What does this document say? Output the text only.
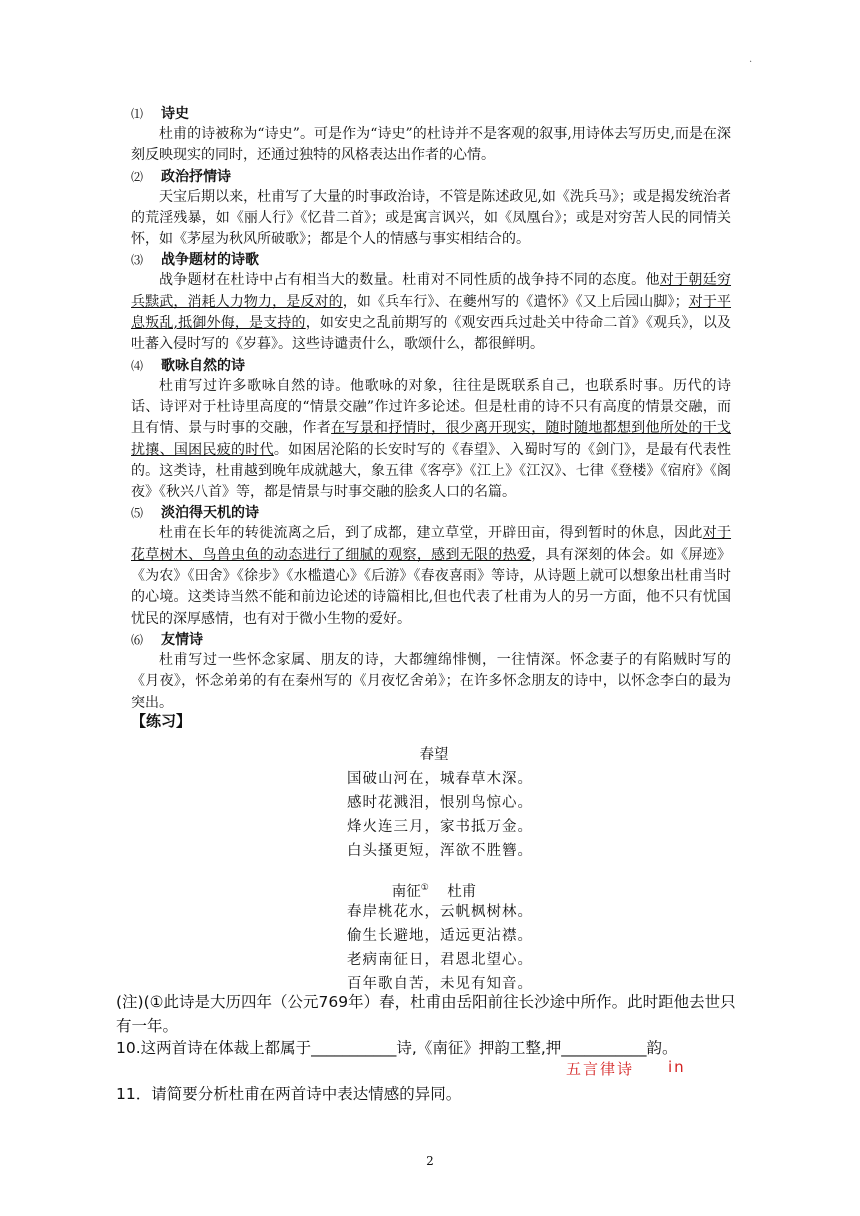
.
⑴	诗史
杜甫的诗被称为“诗史”。可是作为“诗史”的杜诗并不是客观的叙事,用诗体去写历史,而是在深刻反映现实的同时，还通过独特的风格表达出作者的心情。
⑵	政治抒情诗
天宝后期以来，杜甫写了大量的时事政治诗，不管是陈述政见,如《洗兵马》；或是揭发统治者的荒淫残暴，如《丽人行》《忆昔二首》；或是寓言讽兴，如《凤凰台》；或是对穷苦人民的同情关怀，如《茅屋为秋风所破歌》；都是个人的情感与事实相结合的。
⑶	战争题材的诗歌
战争题材在杜诗中占有相当大的数量。杜甫对不同性质的战争持不同的态度。他对于朝廷穷兵黩武，消耗人力物力，是反对的，如《兵车行》、在夔州写的《遣怀》《又上后园山脚》；对于平息叛乱,抵御外侮，是支持的，如安史之乱前期写的《观安西兵过赴关中待命二首》《观兵》，以及吐蕃入侵时写的《岁暮》。这些诗谴责什么，歌颂什么，都很鲜明。
⑷	歌咏自然的诗
杜甫写过许多歌咏自然的诗。他歌咏的对象，往往是既联系自己，也联系时事。历代的诗话、诗评对于杜诗里高度的“情景交融”作过许多论述。但是杜甫的诗不只有高度的情景交融，而且有情、景与时事的交融，作者在写景和抒情时，很少离开现实，随时随地都想到他所处的干戈扰攘、国困民疲的时代。如困居沦陷的长安时写的《春望》、入蜀时写的《剑门》，是最有代表性的。这类诗，杜甫越到晚年成就越大，象五律《客亭》《江上》《江汉》、七律《登楼》《宿府》《阁夜》《秋兴八首》等，都是情景与时事交融的脍炙人口的名篇。
⑸	淡泊得天机的诗
杜甫在长年的转徙流离之后，到了成都，建立草堂，开辟田亩，得到暂时的休息，因此对于花草树木、鸟兽虫鱼的动态进行了细腻的观察，感到无限的热爱，具有深刻的体会。如《屏迹》《为农》《田舍》《徐步》《水槛遣心》《后游》《春夜喜雨》等诗，从诗题上就可以想象出杜甫当时的心境。这类诗当然不能和前边论述的诗篇相比,但也代表了杜甫为人的另一方面，他不只有忧国忧民的深厚感情，也有对于微小生物的爱好。
⑹	友情诗
杜甫写过一些怀念家属、朋友的诗，大都缠绵悱恻，一往情深。怀念妻子的有陷贼时写的《月夜》，怀念弟弟的有在秦州写的《月夜忆舍弟》；在许多怀念朋友的诗中，以怀念李白的最为突出。
【练习】
春望
国破山河在，城春草木深。
感时花溅泪，恨别鸟惊心。
烽火连三月，家书抵万金。
白头搔更短，浑欲不胜簪。
南征① 杜甫
春岸桃花水，云帆枫树林。
偷生长避地，适远更沾襟。
老病南征日，君恩北望心。
百年歌自苦，未见有知音。
(注)(①此诗是大历四年（公元769年）春，杜甫由岳阳前往长沙途中所作。此时距他去世只有一年。
10.这两首诗在体裁上都属于___________诗,《南征》押韵工整,押___________韵。
五言律诗 in
11．请简要分析杜甫在两首诗中表达情感的异同。
2
